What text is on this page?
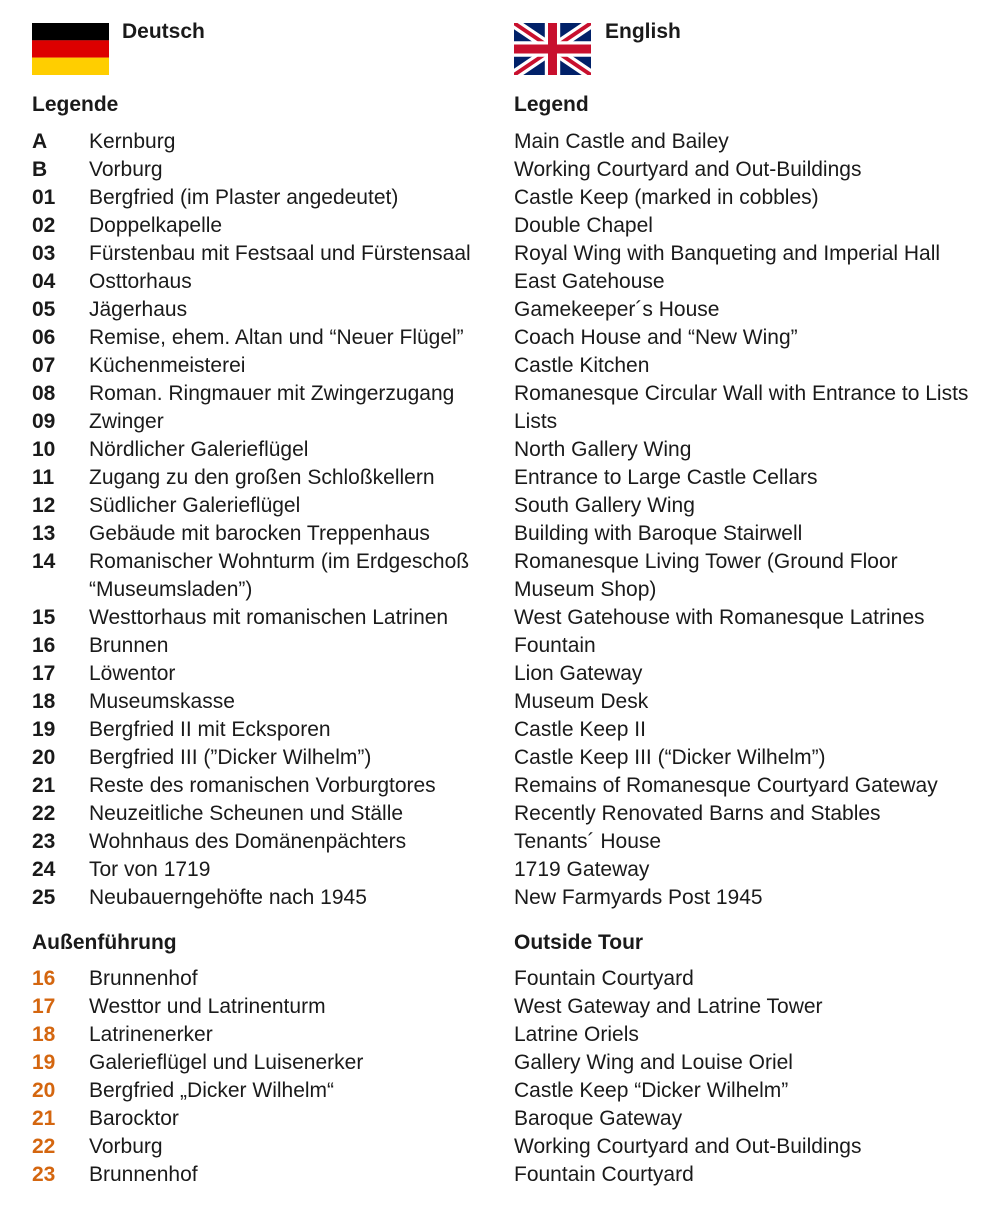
Deutsch
Legende
A Kernburg
B Vorburg
01 Bergfried (im Plaster angedeutet)
02 Doppelkapelle
03 Fürstenbau mit Festsaal und Fürstensaal
04 Osttorhaus
05 Jägerhaus
06 Remise, ehem. Altan und “Neuer Flügel”
07 Küchenmeisterei
08 Roman. Ringmauer mit Zwingerzugang
09 Zwinger
10 Nördlicher Galerieflügel
11 Zugang zu den großen Schloßkellern
12 Südlicher Galerieflügel
13 Gebäude mit barocken Treppenhaus
14 Romanischer Wohnturm (im Erdgeschoß
“Museumsladen”)
15 Westtorhaus mit romanischen Latrinen
16 Brunnen
17 Löwentor
18 Museumskasse
19 Bergfried II mit Ecksporen
20 Bergfried III (”Dicker Wilhelm”)
21 Reste des romanischen Vorburgtores
22 Neuzeitliche Scheunen und Ställe
23 Wohnhaus des Domänenpächters
24 Tor von 1719
25 Neubauerngehöfte nach 1945
Außenführung
16 Brunnenhof
17 Westtor und Latrinenturm
18 Latrinenerker
19 Galerieflügel und Luisenerker
20 Bergfried „Dicker Wilhelm“
21 Barocktor
22 Vorburg
23 Brunnenhof
English
Legend
Main Castle and Bailey
Working Courtyard and Out-Buildings
Castle Keep (marked in cobbles)
Double Chapel
Royal Wing with Banqueting and Imperial Hall
East Gatehouse
Gamekeeper´s House
Coach House and “New Wing”
Castle Kitchen
Romanesque Circular Wall with Entrance to Lists
Lists
North Gallery Wing
Entrance to Large Castle Cellars
South Gallery Wing
Building with Baroque Stairwell
Romanesque Living Tower (Ground Floor
Museum Shop)
West Gatehouse with Romanesque Latrines
Fountain
Lion Gateway
Museum Desk
Castle Keep II
Castle Keep III (“Dicker Wilhelm”)
Remains of Romanesque Courtyard Gateway
Recently Renovated Barns and Stables
Tenants´ House
1719 Gateway
New Farmyards Post 1945
Outside Tour
Fountain Courtyard
West Gateway and Latrine Tower
Latrine Oriels
Gallery Wing and Louise Oriel
Castle Keep “Dicker Wilhelm”
Baroque Gateway
Working Courtyard and Out-Buildings
Fountain Courtyard
